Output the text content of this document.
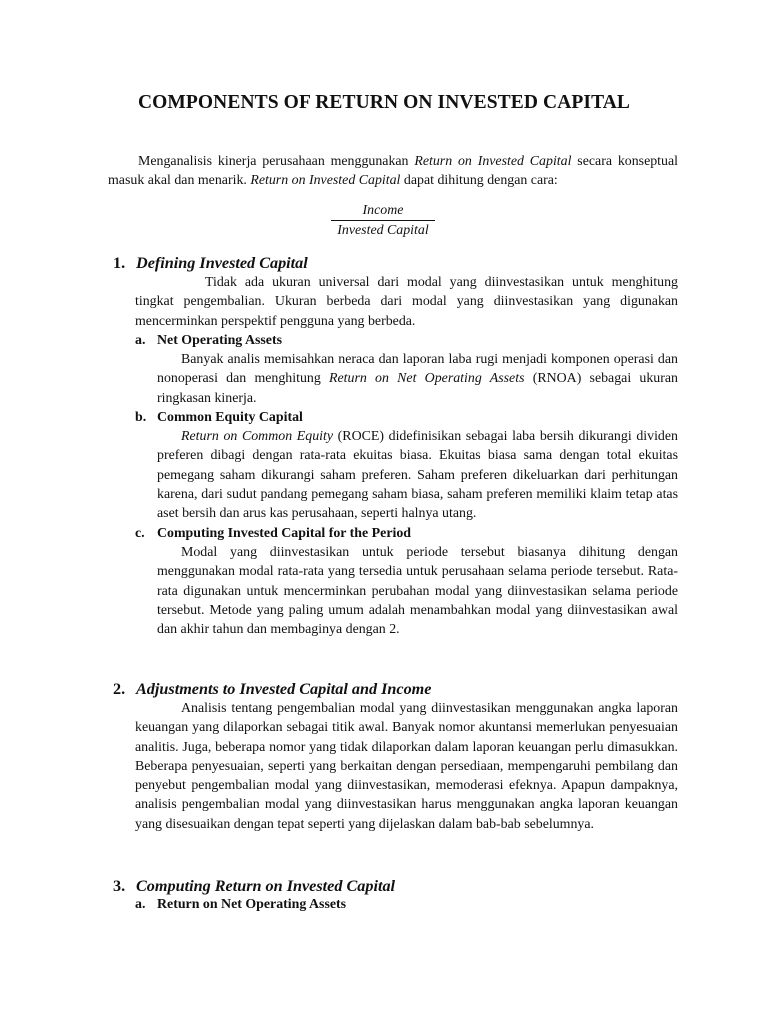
COMPONENTS OF RETURN ON INVESTED CAPITAL

Menganalisis kinerja perusahaan menggunakan Return on Invested Capital secara konseptual masuk akal dan menarik. Return on Invested Capital dapat dihitung dengan cara:

Income
Invested Capital
1. Defining Invested Capital

Tidak ada ukuran universal dari modal yang diinvestasikan untuk menghitung tingkat pengembalian. Ukuran berbeda dari modal yang diinvestasikan yang digunakan mencerminkan perspektif pengguna yang berbeda.

a. Net Operating Assets

Banyak analis memisahkan neraca dan laporan laba rugi menjadi komponen operasi dan nonoperasi dan menghitung Return on Net Operating Assets (RNOA) sebagai ukuran ringkasan kinerja.

b. Common Equity Capital

Return on Common Equity (ROCE) didefinisikan sebagai laba bersih dikurangi dividen preferen dibagi dengan rata-rata ekuitas biasa. Ekuitas biasa sama dengan total ekuitas pemegang saham dikurangi saham preferen. Saham preferen dikeluarkan dari perhitungan karena, dari sudut pandang pemegang saham biasa, saham preferen memiliki klaim tetap atas aset bersih dan arus kas perusahaan, seperti halnya utang.

c. Computing Invested Capital for the Period

Modal yang diinvestasikan untuk periode tersebut biasanya dihitung dengan menggunakan modal rata-rata yang tersedia untuk perusahaan selama periode tersebut. Rata-rata digunakan untuk mencerminkan perubahan modal yang diinvestasikan selama periode tersebut. Metode yang paling umum adalah menambahkan modal yang diinvestasikan awal dan akhir tahun dan membaginya dengan 2.

2. Adjustments to Invested Capital and Income

Analisis tentang pengembalian modal yang diinvestasikan menggunakan angka laporan keuangan yang dilaporkan sebagai titik awal. Banyak nomor akuntansi memerlukan penyesuaian analitis. Juga, beberapa nomor yang tidak dilaporkan dalam laporan keuangan perlu dimasukkan. Beberapa penyesuaian, seperti yang berkaitan dengan persediaan, mempengaruhi pembilang dan penyebut pengembalian modal yang diinvestasikan, memoderasi efeknya. Apapun dampaknya, analisis pengembalian modal yang diinvestasikan harus menggunakan angka laporan keuangan yang disesuaikan dengan tepat seperti yang dijelaskan dalam bab-bab sebelumnya.

3. Computing Return on Invested Capital
a. Return on Net Operating Assets
